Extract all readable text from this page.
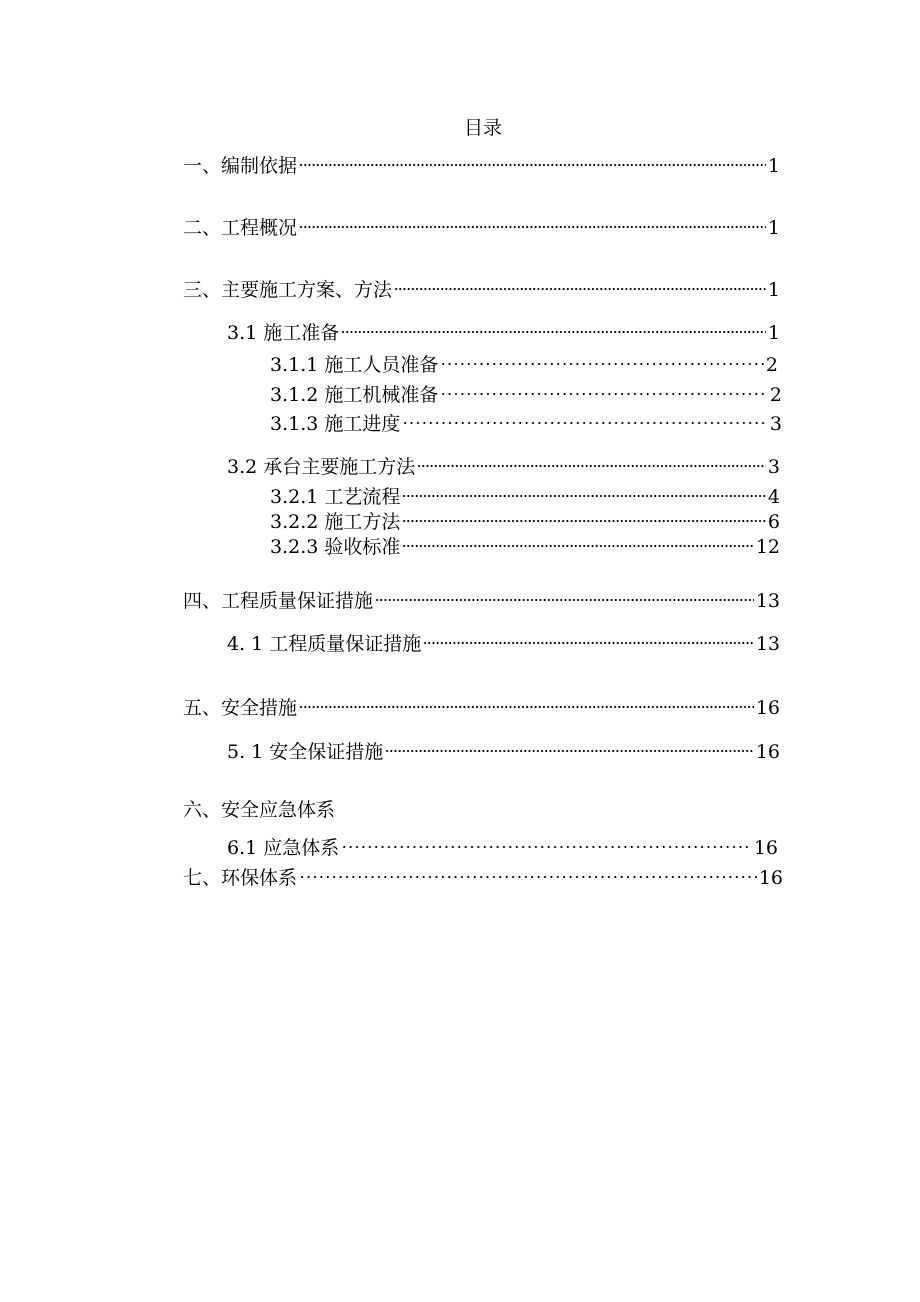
目录
一、编制依据	1
二、工程概况	1
三、主要施工方案、方法	1
3.1 施工准备	1
3.1.1 施工人员准备	2
3.1.2 施工机械准备	2
3.1.3 施工进度	3
3.2 承台主要施工方法	3
3.2.1 工艺流程	4
3.2.2 施工方法	6
3.2.3 验收标准	12
四、工程质量保证措施	13
4. 1 工程质量保证措施	13
五、安全措施	16
5. 1 安全保证措施	16
六、安全应急体系
6.1 应急体系	16
七、环保体系	16
